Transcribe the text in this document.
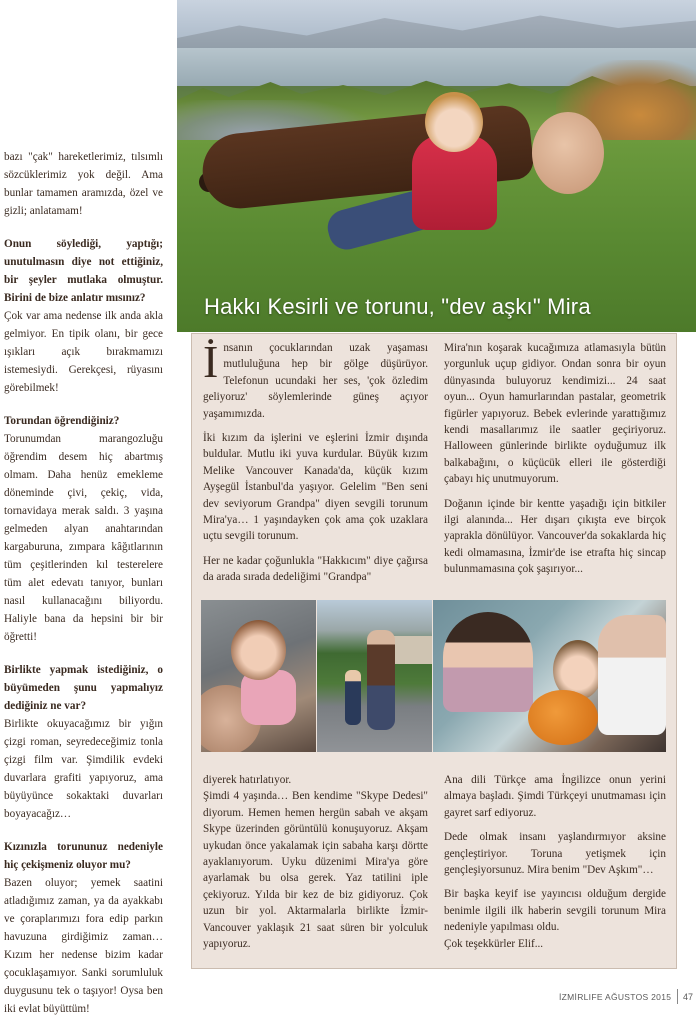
bazı "çak" hareketlerimiz, tılsımlı sözcüklerimiz yok değil. Ama bunlar tamamen aramızda, özel ve gizli; anlatamam!

Onun söylediği, yaptığı; unutulmasın diye not ettiğiniz, bir şeyler mutlaka olmuştur. Birini de bize anlatır mısınız?
Çok var ama nedense ilk anda akla gelmiyor. En tipik olanı, bir gece ışıkları açık bırakmamızı istemesiydi. Gerekçesi, rüyasını görebilmek!

Torundan öğrendiğiniz?
Torunumdan marangozluğu öğrendim desem hiç abartmış olmam. Daha henüz emekleme döneminde çivi, çekiç, vida, tornavidaya merak saldı. 3 yaşına gelmeden alyan anahtarından kargaburuna, zımpara kâğıtlarının tüm çeşitlerinden kıl testerelere tüm alet edevatı tanıyor, bunları nasıl kullanacağını biliyordu. Haliyle bana da hepsini bir bir öğretti!

Birlikte yapmak istediğiniz, o büyümeden şunu yapmalıyız dediğiniz ne var?
Birlikte okuyacağımız bir yığın çizgi roman, seyredeceğimiz tonla çizgi film var. Şimdilik evdeki duvarlara grafiti yapıyoruz, ama büyüyünce sokaktaki duvarları boyayacağız…

Kızınızla torununuz nedeniyle hiç çekişmeniz oluyor mu?
Bazen oluyor; yemek saatini atladığımız zaman, ya da ayakkabı ve çoraplarımızı fora edip parkın havuzuna girdiğimiz zaman… Kızım her nedense bizim kadar çocuklaşamıyor. Sanki sorumluluk duygusunu tek o taşıyor! Oysa ben iki evlat büyüttüm!

Hakkı Kesirli ve torunu, "dev aşkı" Mira

İnsanın çocuklarından uzak yaşaması mutluluğuna hep bir gölge düşürüyor. Telefonun ucundaki her ses, 'çok özledim geliyoruz' söylemlerinde güneş açıyor yaşamımızda.

İki kızım da işlerini ve eşlerini İzmir dışında buldular. Mutlu iki yuva kurdular. Büyük kızım Melike Vancouver Kanada'da, küçük kızım Ayşegül İstanbul'da yaşıyor. Gelelim "Ben seni dev seviyorum Grandpa" diyen sevgili torunum Mira'ya… 1 yaşındayken çok ama çok uzaklara uçtu sevgili torunum.

Her ne kadar çoğunlukla "Hakkıcım" diye çağırsa da arada sırada dedeliğimi "Grandpa"

Mira'nın koşarak kucağımıza atlamasıyla bütün yorgunluk uçup gidiyor. Ondan sonra bir oyun dünyasında buluyoruz kendimizi... 24 saat oyun... Oyun hamurlarından pastalar, geometrik figürler yapıyoruz. Bebek evlerinde yarattığımız kendi masallarımız ile saatler geçiriyoruz. Halloween günlerinde birlikte oyduğumuz ilk balkabağını, o küçücük elleri ile gösterdiği çabayı hiç unutmuyorum.

Doğanın içinde bir kentte yaşadığı için bitkiler ilgi alanında... Her dışarı çıkışta eve birçok yaprakla dönülüyor. Vancouver'da sokaklarda hiç kedi olmamasına, İzmir'de ise etrafta hiç sincap bulunmamasına çok şaşırıyor...

diyerek hatırlatıyor.

Şimdi 4 yaşında… Ben kendime "Skype Dedesi" diyorum. Hemen hemen hergün sabah ve akşam Skype üzerinden görüntülü konuşuyoruz. Akşam uykudan önce yakalamak için sabaha karşı dörtte ayaklanıyorum. Uyku düzenimi Mira'ya göre ayarlamak bu olsa gerek. Yaz tatilini iple çekiyoruz. Yılda bir kez de biz gidiyoruz. Çok uzun bir yol. Aktarmalarla birlikte İzmir-Vancouver yaklaşık 21 saat süren bir yolculuk yapıyoruz.

Ana dili Türkçe ama İngilizce onun yerini almaya başladı. Şimdi Türkçeyi unutmaması için gayret sarf ediyoruz.

Dede olmak insanı yaşlandırmıyor aksine gençleştiriyor. Toruna yetişmek için gençleşiyorsunuz. Mira benim "Dev Aşkım"…

Bir başka keyif ise yayıncısı olduğum dergide benimle ilgili ilk haberin sevgili torunum Mira nedeniyle yapılması oldu.

Çok teşekkürler Elif...

İZMİRLIFE AĞUSTOS 2015 47
